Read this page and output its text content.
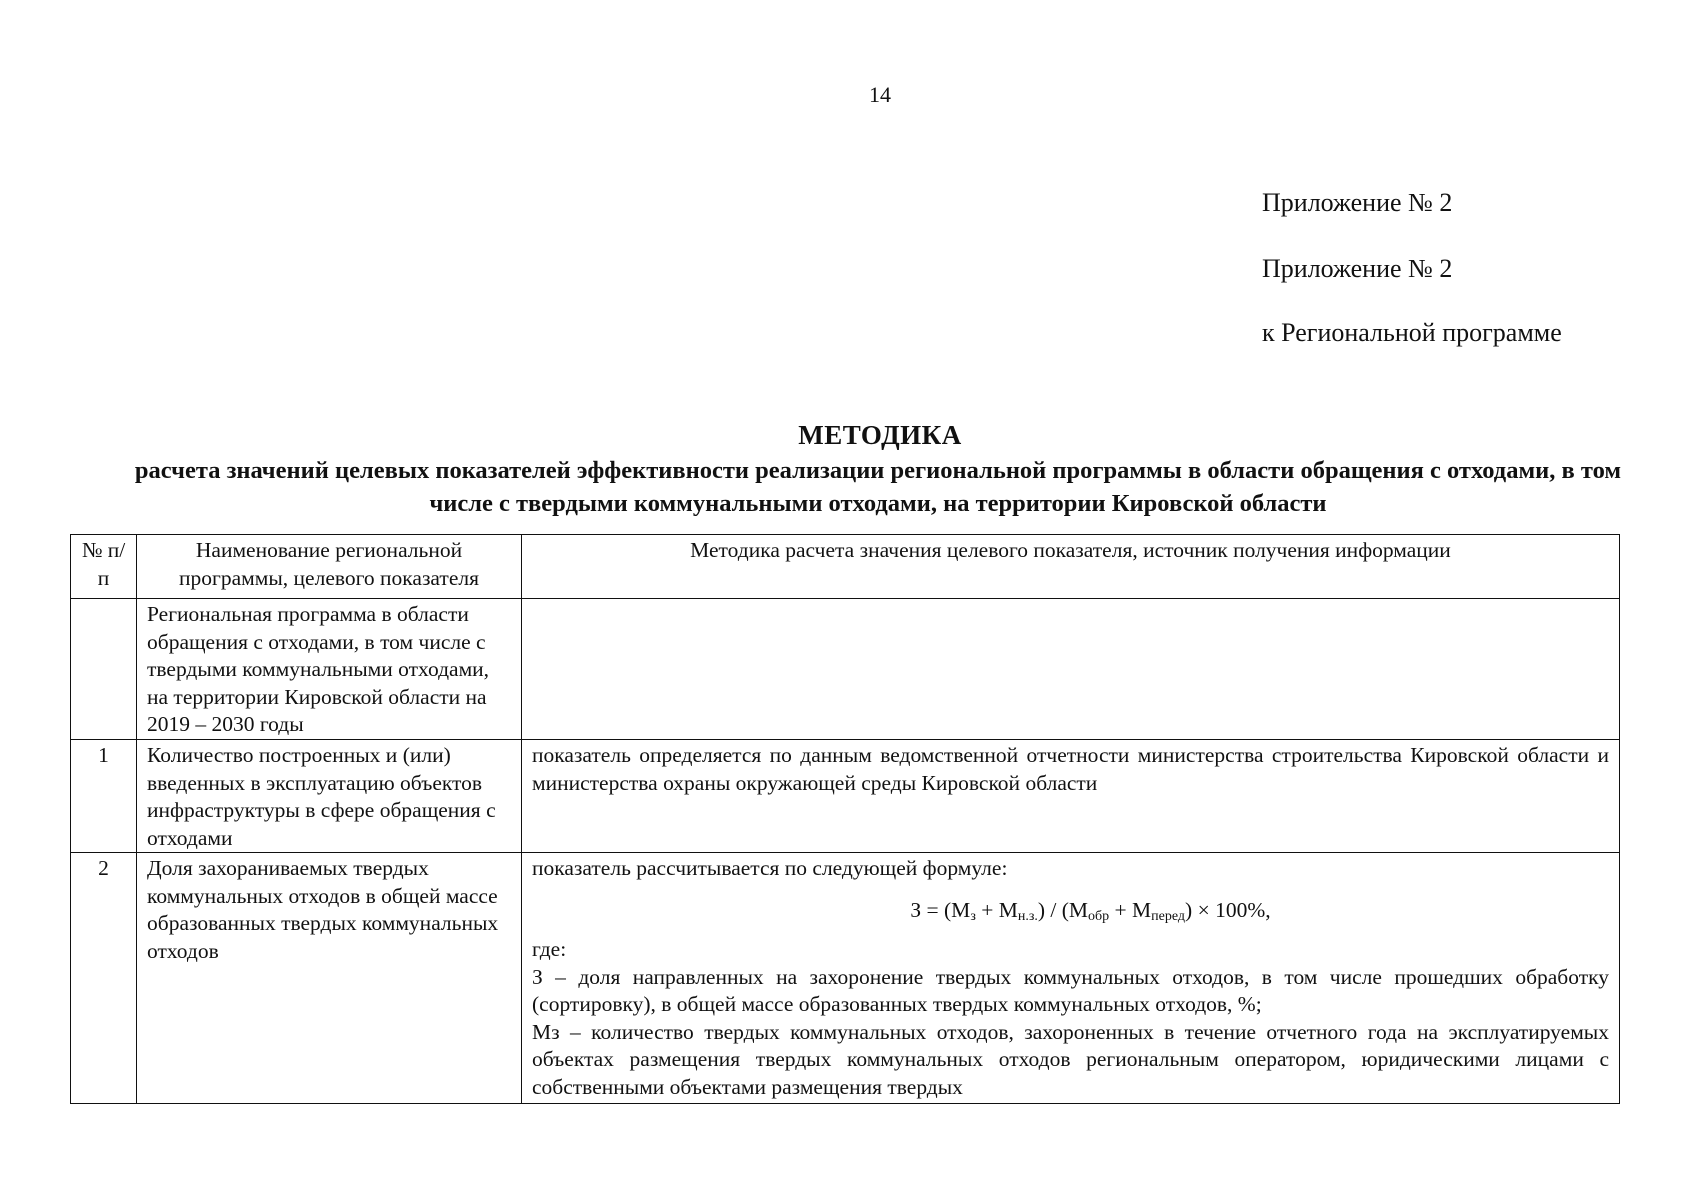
14
Приложение № 2
Приложение № 2
к Региональной программе
МЕТОДИКА
расчета значений целевых показателей эффективности реализации региональной программы в области обращения с отходами, в том числе с твердыми коммунальными отходами, на территории Кировской области
№ п/п	Наименование региональной программы, целевого показателя	Методика расчета значения целевого показателя, источник получения информации
	Региональная программа в области обращения с отходами, в том числе с твердыми коммунальными отходами, на территории Кировской области на 2019 – 2030 годы	
1	Количество построенных и (или) введенных в эксплуатацию объектов инфраструктуры в сфере обращения с отходами	показатель определяется по данным ведомственной отчетности министерства строительства Кировской области и министерства охраны окружающей среды Кировской области
2	Доля захораниваемых твердых коммунальных отходов в общей массе образованных твердых коммунальных отходов	показатель рассчитывается по следующей формуле:

$З = (М_з + М_{н.з.}) / (М_{обр} + М_{перед}) \times 100\%$,

где:

З – доля направленных на захоронение твердых коммунальных отходов, в том числе прошедших обработку (сортировку), в общей массе образованных твердых коммунальных отходов, %;

Мз – количество твердых коммунальных отходов, захороненных в течение отчетного года на эксплуатируемых объектах размещения твердых коммунальных отходов региональным оператором, юридическими лицами с собственными объектами размещения твердых
